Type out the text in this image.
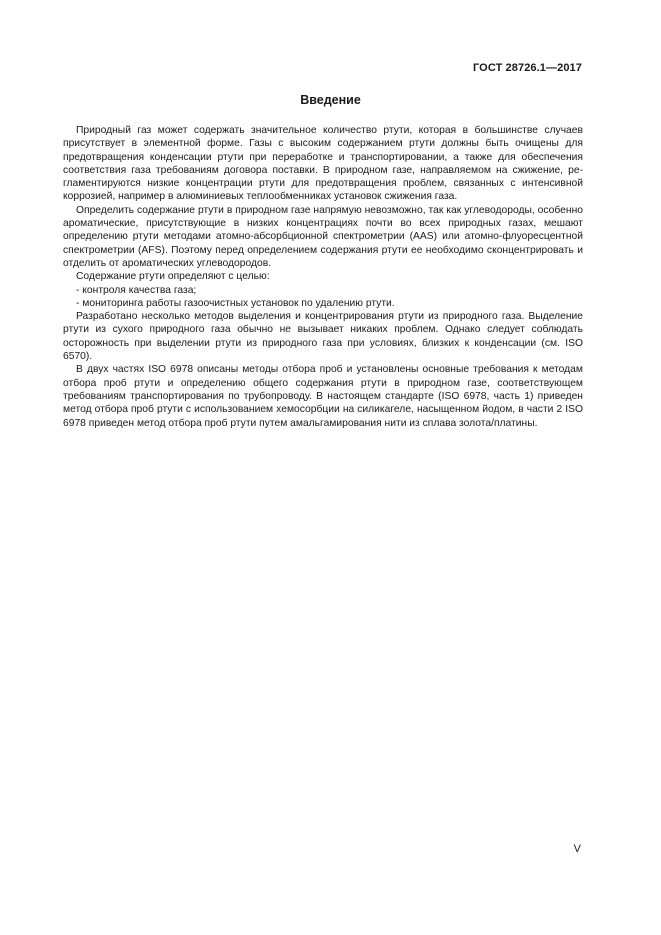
ГОСТ 28726.1—2017
Введение

Природный газ может содержать значительное количество ртути, которая в большинстве случаев присутствует в элементной форме. Газы с высоким содержанием ртути должны быть очищены для предотвращения конденсации ртути при переработке и транспортировании, а также для обеспечения соответствия газа требованиям договора поставки. В природном газе, направляемом на сжижение, регламентируются низкие концентрации ртути для предотвращения проблем, связанных с интенсивной коррозией, например в алюминиевых теплообменниках установок сжижения газа.

Определить содержание ртути в природном газе напрямую невозможно, так как углеводороды, особенно ароматические, присутствующие в низких концентрациях почти во всех природных газах, мешают определению ртути методами атомно-абсорбционной спектрометрии (AAS) или атомно-флуоресцентной спектрометрии (AFS). Поэтому перед определением содержания ртути ее необходимо сконцентрировать и отделить от ароматических углеводородов.

Содержание ртути определяют с целью:

- контроля качества газа;

- мониторинга работы газоочистных установок по удалению ртути.

Разработано несколько методов выделения и концентрирования ртути из природного газа. Выделение ртути из сухого природного газа обычно не вызывает никаких проблем. Однако следует соблюдать осторожность при выделении ртути из природного газа при условиях, близких к конденсации (см. ISO 6570).

В двух частях ISO 6978 описаны методы отбора проб и установлены основные требования к методам отбора проб ртути и определению общего содержания ртути в природном газе, соответствующем требованиям транспортирования по трубопроводу. В настоящем стандарте (ISO 6978, часть 1) приведен метод отбора проб ртути с использованием хемосорбции на силикагеле, насыщенном йодом, в части 2 ISO 6978 приведен метод отбора проб ртути путем амальгамирования нити из сплава золота/платины.

V
